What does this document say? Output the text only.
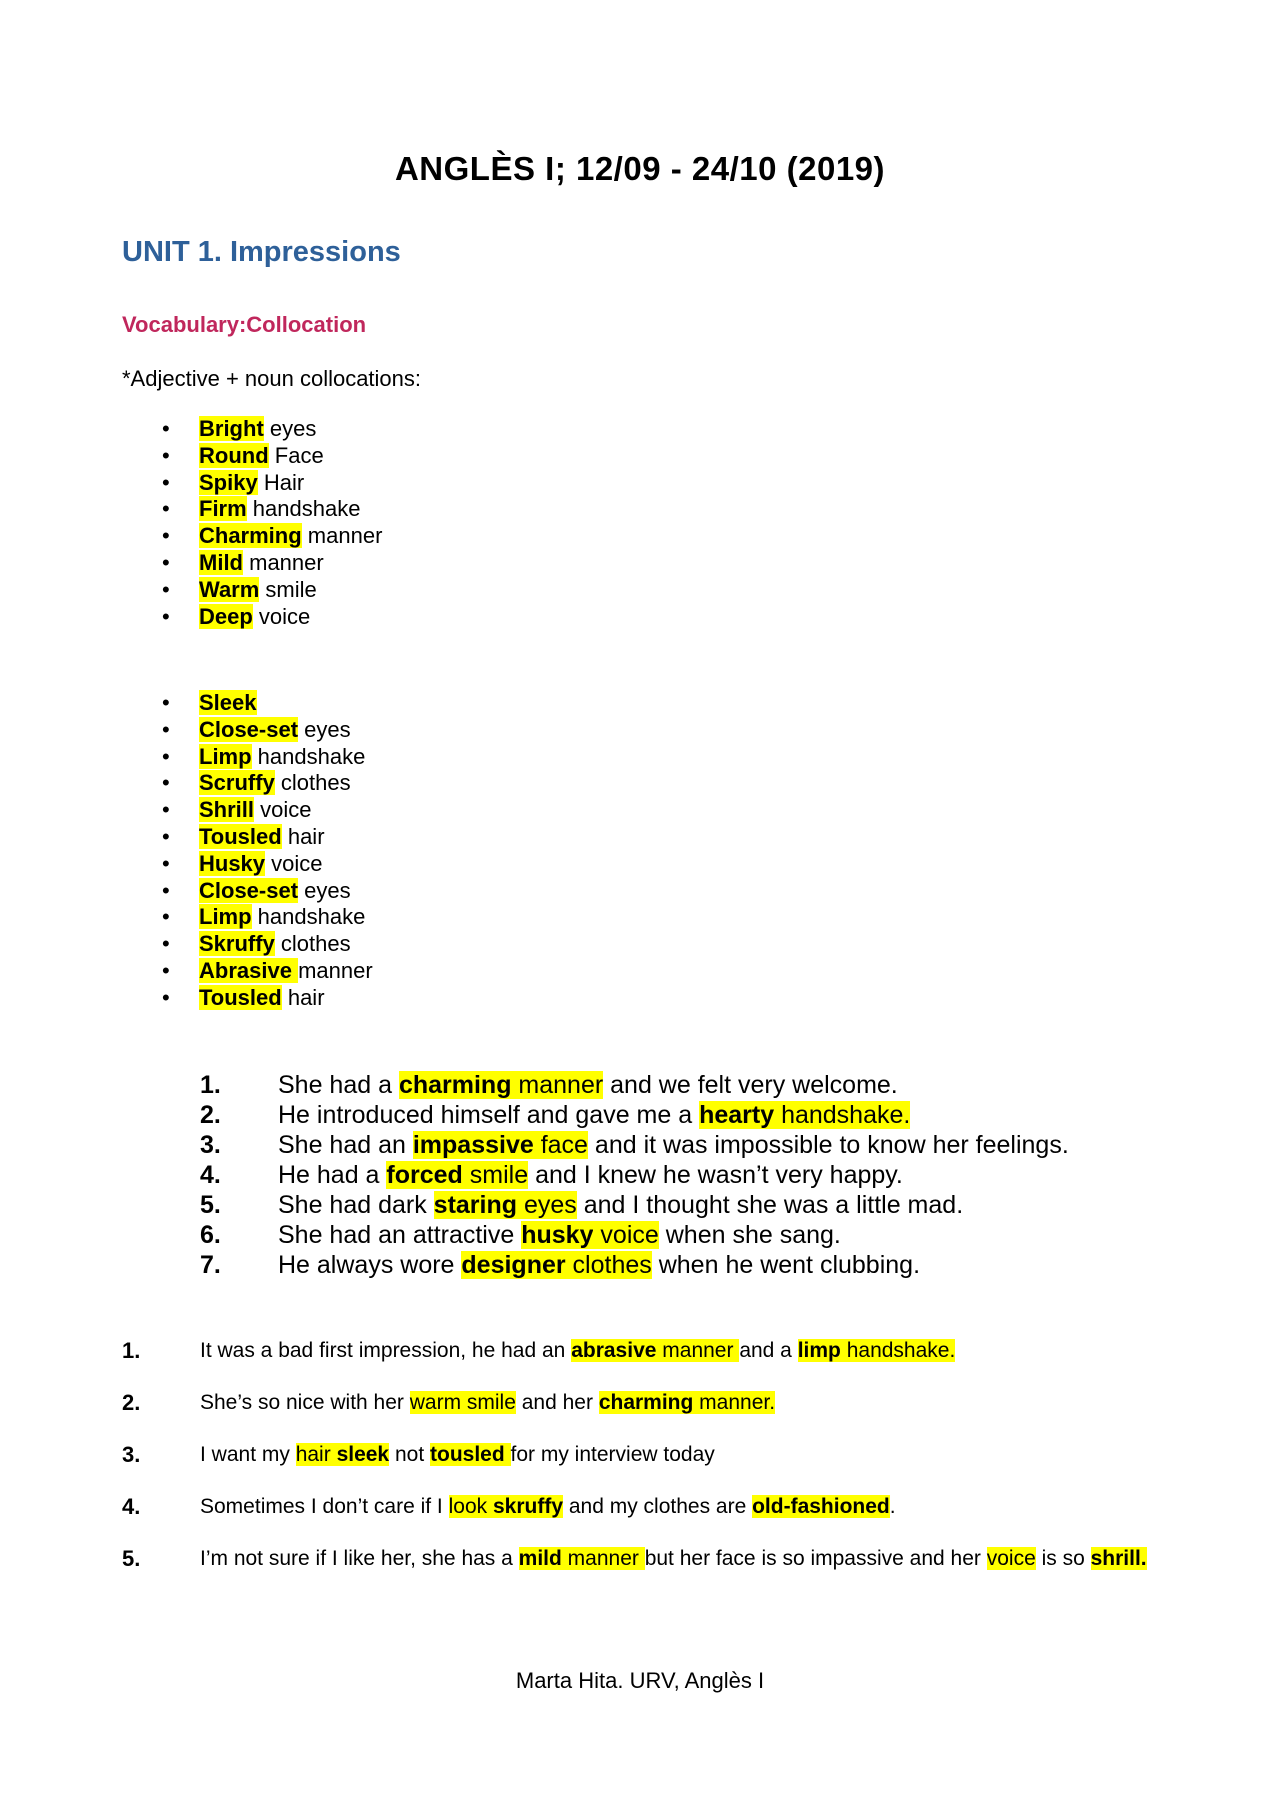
ANGLÈS I; 12/09 - 24/10 (2019)
UNIT 1. Impressions
Vocabulary:Collocation
*Adjective + noun collocations:
• Bright eyes
• Round Face
• Spiky Hair
• Firm handshake
• Charming manner
• Mild manner
• Warm smile
• Deep voice
• Sleek
• Close-set eyes
• Limp handshake
• Scruffy clothes
• Shrill voice
• Tousled hair
• Husky voice
• Close-set eyes
• Limp handshake
• Skruffy clothes
• Abrasive manner
• Tousled hair
1. She had a charming manner and we felt very welcome.
2. He introduced himself and gave me a hearty handshake.
3. She had an impassive face and it was impossible to know her feelings.
4. He had a forced smile and I knew he wasn’t very happy.
5. She had dark staring eyes and I thought she was a little mad.
6. She had an attractive husky voice when she sang.
7. He always wore designer clothes when he went clubbing.
1.	It was a bad first impression, he had an abrasive manner and a limp handshake.
2.	She’s so nice with her warm smile and her charming manner.
3.	I want my hair sleek not tousled for my interview today
4.	Sometimes I don’t care if I look skruffy and my clothes are old-fashioned.
5.	I’m not sure if I like her, she has a mild manner but her face is so impassive and her voice is so shrill.
Marta Hita. URV, Anglès I
